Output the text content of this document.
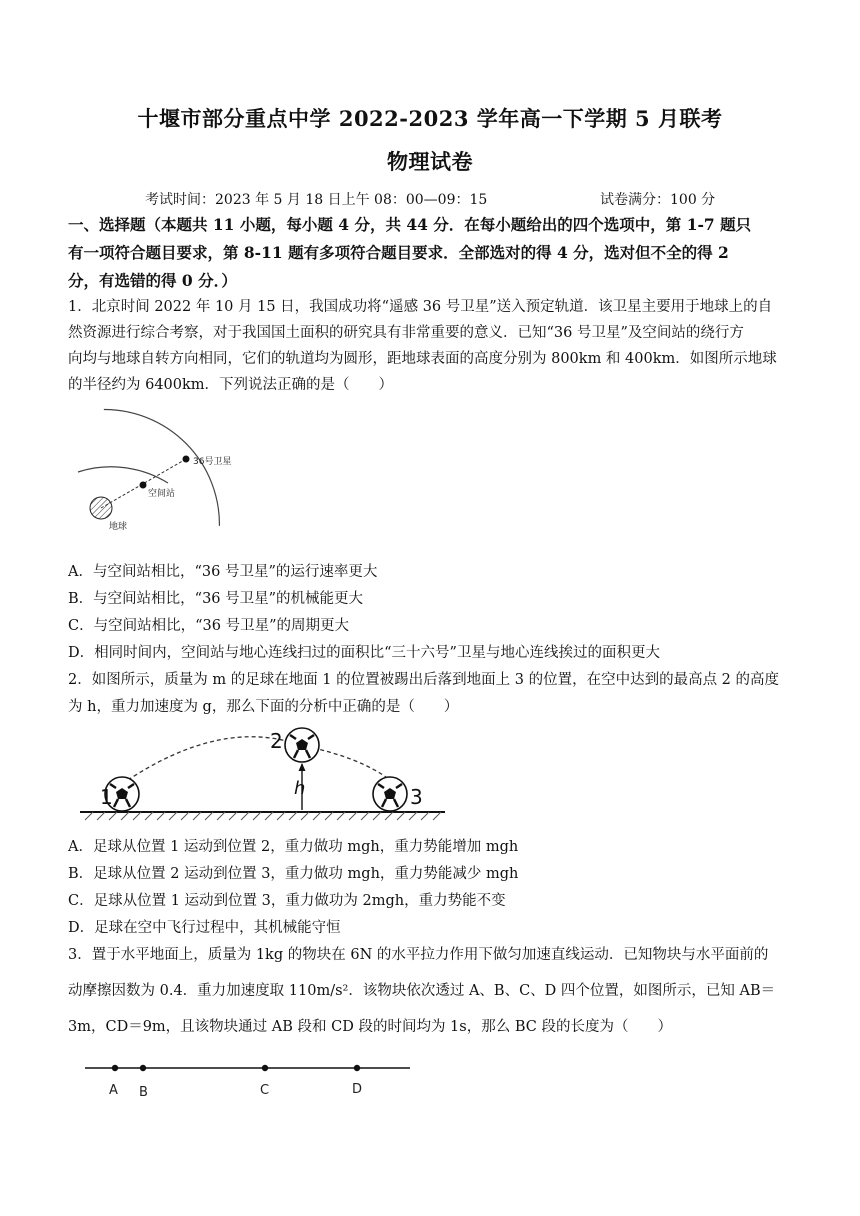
十堰市部分重点中学 2022-2023 学年高一下学期 5 月联考
物理试卷
考试时间：2023 年 5 月 18 日上午 08：00—09：15	试卷满分：100 分
一、选择题（本题共 11 小题，每小题 4 分，共 44 分．在每小题给出的四个选项中，第 1-7 题只
有一项符合题目要求，第 8-11 题有多项符合题目要求．全部选对的得 4 分，选对但不全的得 2
分，有选错的得 0 分．）
1．北京时间 2022 年 10 月 15 日，我国成功将“遥感 36 号卫星”送入预定轨道．该卫星主要用于地球上的自
然资源进行综合考察，对于我国国土面积的研究具有非常重要的意义．已知“36 号卫星”及空间站的绕行方
向均与地球自转方向相同，它们的轨道均为圆形，距地球表面的高度分别为 800km 和 400km．如图所示地球
的半径约为 6400km．下列说法正确的是（　　）
36号卫星
空间站
地球
A．与空间站相比，“36 号卫星”的运行速率更大
B．与空间站相比，“36 号卫星”的机械能更大
C．与空间站相比，“36 号卫星”的周期更大
D．相同时间内，空间站与地心连线扫过的面积比“三十六号”卫星与地心连线挨过的面积更大
2．如图所示，质量为 m 的足球在地面 1 的位置被踢出后落到地面上 3 的位置，在空中达到的最高点 2 的高度
为 h，重力加速度为 g，那么下面的分析中正确的是（　　）
1
2
3
h
A．足球从位置 1 运动到位置 2，重力做功 mgh，重力势能增加 mgh
B．足球从位置 2 运动到位置 3，重力做功 mgh，重力势能减少 mgh
C．足球从位置 1 运动到位置 3，重力做功为 2mgh，重力势能不变
D．足球在空中飞行过程中，其机械能守恒
3．置于水平地面上，质量为 1kg 的物块在 6N 的水平拉力作用下做匀加速直线运动．已知物块与水平面前的
动摩擦因数为 0.4．重力加速度取 110m/s²．该物块依次透过 A、B、C、D 四个位置，如图所示，已知 AB＝
3m，CD＝9m，且该物块通过 AB 段和 CD 段的时间均为 1s，那么 BC 段的长度为（　　）
A B	C	D
